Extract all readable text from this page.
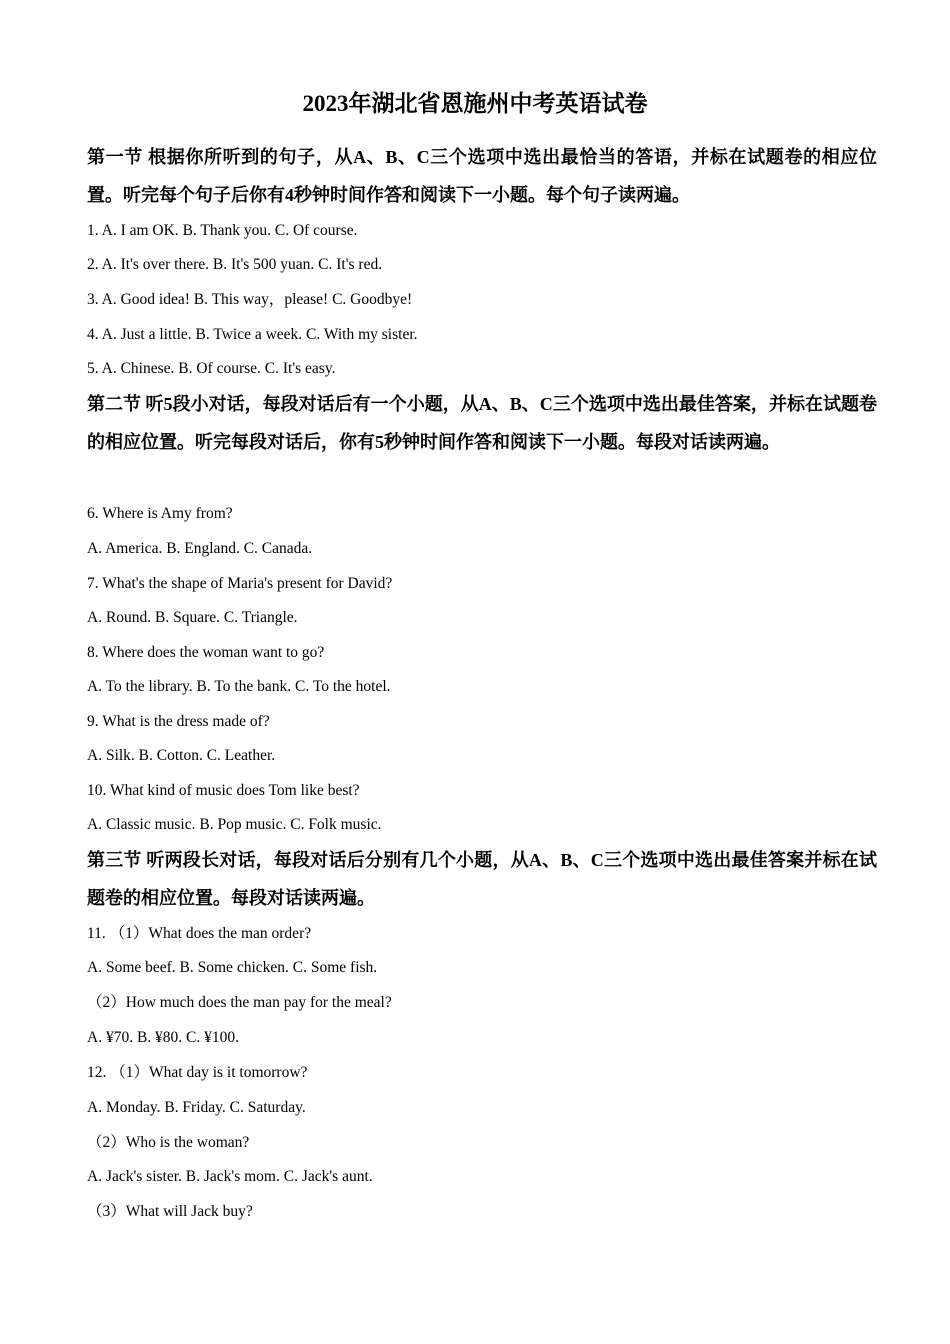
2023年湖北省恩施州中考英语试卷
第一节 根据你所听到的句子，从A、B、C三个选项中选出最恰当的答语，并标在试题卷的相应位置。听完每个句子后你有4秒钟时间作答和阅读下一小题。每个句子读两遍。
1. A. I am OK. B. Thank you. C. Of course.
2. A. It's over there. B. It's 500 yuan. C. It's red.
3. A. Good idea! B. This way，please! C. Goodbye!
4. A. Just a little. B. Twice a week. C. With my sister.
5. A. Chinese. B. Of course. C. It's easy.
第二节 听5段小对话，每段对话后有一个小题，从A、B、C三个选项中选出最佳答案，并标在试题卷的相应位置。听完每段对话后，你有5秒钟时间作答和阅读下一小题。每段对话读两遍。
6. Where is Amy from?
A. America. B. England. C. Canada.
7. What's the shape of Maria's present for David?
A. Round. B. Square. C. Triangle.
8. Where does the woman want to go?
A. To the library. B. To the bank. C. To the hotel.
9. What is the dress made of?
A. Silk. B. Cotton. C. Leather.
10. What kind of music does Tom like best?
A. Classic music. B. Pop music. C. Folk music.
第三节 听两段长对话，每段对话后分别有几个小题，从A、B、C三个选项中选出最佳答案并标在试题卷的相应位置。每段对话读两遍。
11. （1）What does the man order?
A. Some beef. B. Some chicken. C. Some fish.
（2）How much does the man pay for the meal?
A. ¥70. B. ¥80. C. ¥100.
12. （1）What day is it tomorrow?
A. Monday. B. Friday. C. Saturday.
（2）Who is the woman?
A. Jack's sister. B. Jack's mom. C. Jack's aunt.
（3）What will Jack buy?
